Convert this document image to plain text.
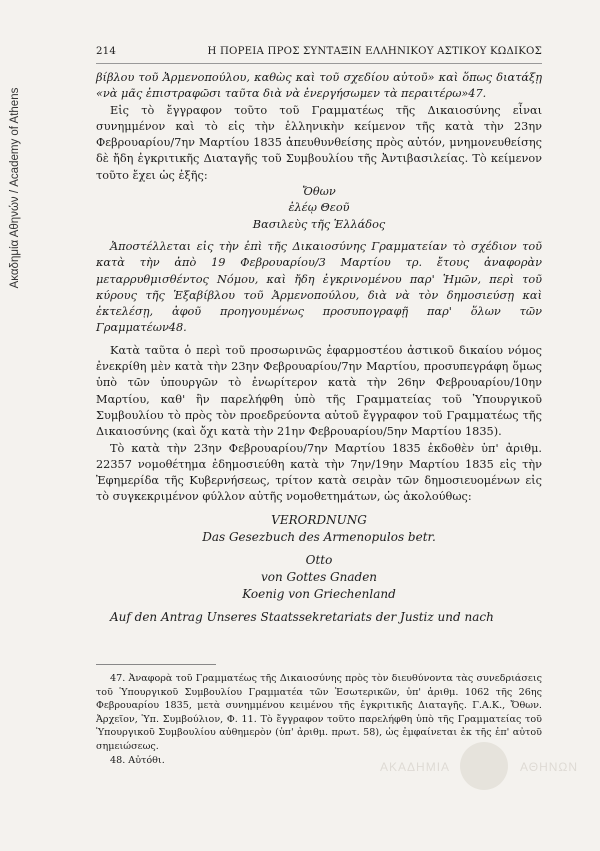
Ακαδημία Αθηνών / Academy of Athens
214	Η ΠΟΡΕΙΑ ΠΡΟΣ ΣΥΝΤΑΞΙΝ ΕΛΛΗΝΙΚΟΥ ΑΣΤΙΚΟΥ ΚΩΔΙΚΟΣ

βίβλου τοῦ Ἀρμενοπούλου, καθὼς καὶ τοῦ σχεδίου αὐτοῦ» καὶ ὅπως διατάξῃ «νὰ μᾶς ἐπιστραφῶσι ταῦτα διὰ νὰ ἐνεργήσωμεν τὰ περαιτέρω»47.

Εἰς τὸ ἔγγραφον τοῦτο τοῦ Γραμματέως τῆς Δικαιοσύνης εἶναι συνημμένον καὶ τὸ εἰς τὴν ἑλληνικὴν κείμενον τῆς κατὰ τὴν 23ην Φεβρουαρίου/7ην Μαρτίου 1835 ἀπευθυνθείσης πρὸς αὐτόν, μνημονευθείσης δὲ ἤδη ἐγκριτικῆς Διαταγῆς τοῦ Συμβουλίου τῆς Ἀντιβασιλείας. Τὸ κείμενον τοῦτο ἔχει ὡς ἑξῆς:

Ὄθων

ἐλέῳ Θεοῦ

Βασιλεὺς τῆς Ἑλλάδος

Ἀποστέλλεται εἰς τὴν ἐπὶ τῆς Δικαιοσύνης Γραμματείαν τὸ σχέδιον τοῦ κατὰ τὴν ἀπὸ 19 Φεβρουαρίου/3 Μαρτίου τρ. ἔτους ἀναφορὰν μεταρρυθμισθέντος Νόμου, καὶ ἤδη ἐγκρινομένου παρ' Ἡμῶν, περὶ τοῦ κύρους τῆς Ἑξαβίβλου τοῦ Ἀρμενοπούλου, διὰ νὰ τὸν δημοσιεύσῃ καὶ ἐκτελέσῃ, ἀφοῦ προηγουμένως προσυπογραφῇ παρ' ὅλων τῶν Γραμματέων48.

Κατὰ ταῦτα ὁ περὶ τοῦ προσωρινῶς ἐφαρμοστέου ἀστικοῦ δικαίου νόμος ἐνεκρίθη μὲν κατὰ τὴν 23ην Φεβρουαρίου/7ην Μαρτίου, προσυπεγράφη ὅμως ὑπὸ τῶν ὑπουργῶν τὸ ἐνωρίτερον κατὰ τὴν 26ην Φεβρουαρίου/10ην Μαρτίου, καθ' ἣν παρελήφθη ὑπὸ τῆς Γραμματείας τοῦ Ὑπουργικοῦ Συμβουλίου τὸ πρὸς τὸν προεδρεύοντα αὐτοῦ ἔγγραφον τοῦ Γραμματέως τῆς Δικαιοσύνης (καὶ ὄχι κατὰ τὴν 21ην Φεβρουαρίου/5ην Μαρτίου 1835).

Τὸ κατὰ τὴν 23ην Φεβρουαρίου/7ην Μαρτίου 1835 ἐκδοθὲν ὑπ' ἀριθμ. 22357 νομοθέτημα ἐδημοσιεύθη κατὰ τὴν 7ην/19ην Μαρτίου 1835 εἰς τὴν Ἐφημερίδα τῆς Κυβερνήσεως, τρίτον κατὰ σειρὰν τῶν δημοσιευομένων εἰς τὸ συγκεκριμένον φύλλον αὐτῆς νομοθετημάτων, ὡς ἀκολούθως:

VERORDNUNG

Das Gesezbuch des Armenopulos betr.

Otto

von Gottes Gnaden

Koenig von Griechenland

Auf den Antrag Unseres Staatssekretariats der Justiz und nach

47. Ἀναφορὰ τοῦ Γραμματέως τῆς Δικαιοσύνης πρὸς τὸν διευθύνοντα τὰς συνεδριάσεις τοῦ Ὑπουργικοῦ Συμβουλίου Γραμματέα τῶν Ἐσωτερικῶν, ὑπ' ἀριθμ. 1062 τῆς 26ης Φεβρουαρίου 1835, μετὰ συνημμένου κειμένου τῆς ἐγκριτικῆς Διαταγῆς. Γ.Α.Κ., Ὄθων. Ἀρχεῖον, Ὑπ. Συμβούλιον, Φ. 11. Τὸ ἔγγραφον τοῦτο παρελήφθη ὑπὸ τῆς Γραμματείας τοῦ Ὑπουργικοῦ Συμβουλίου αὐθημερὸν (ὑπ' ἀριθμ. πρωτ. 58), ὡς ἐμφαίνεται ἐκ τῆς ἐπ' αὐτοῦ σημειώσεως.

48. Αὐτόθι.	ΑΚΑΔΗΜΙΑ	ΑΘΗΝΩΝ
